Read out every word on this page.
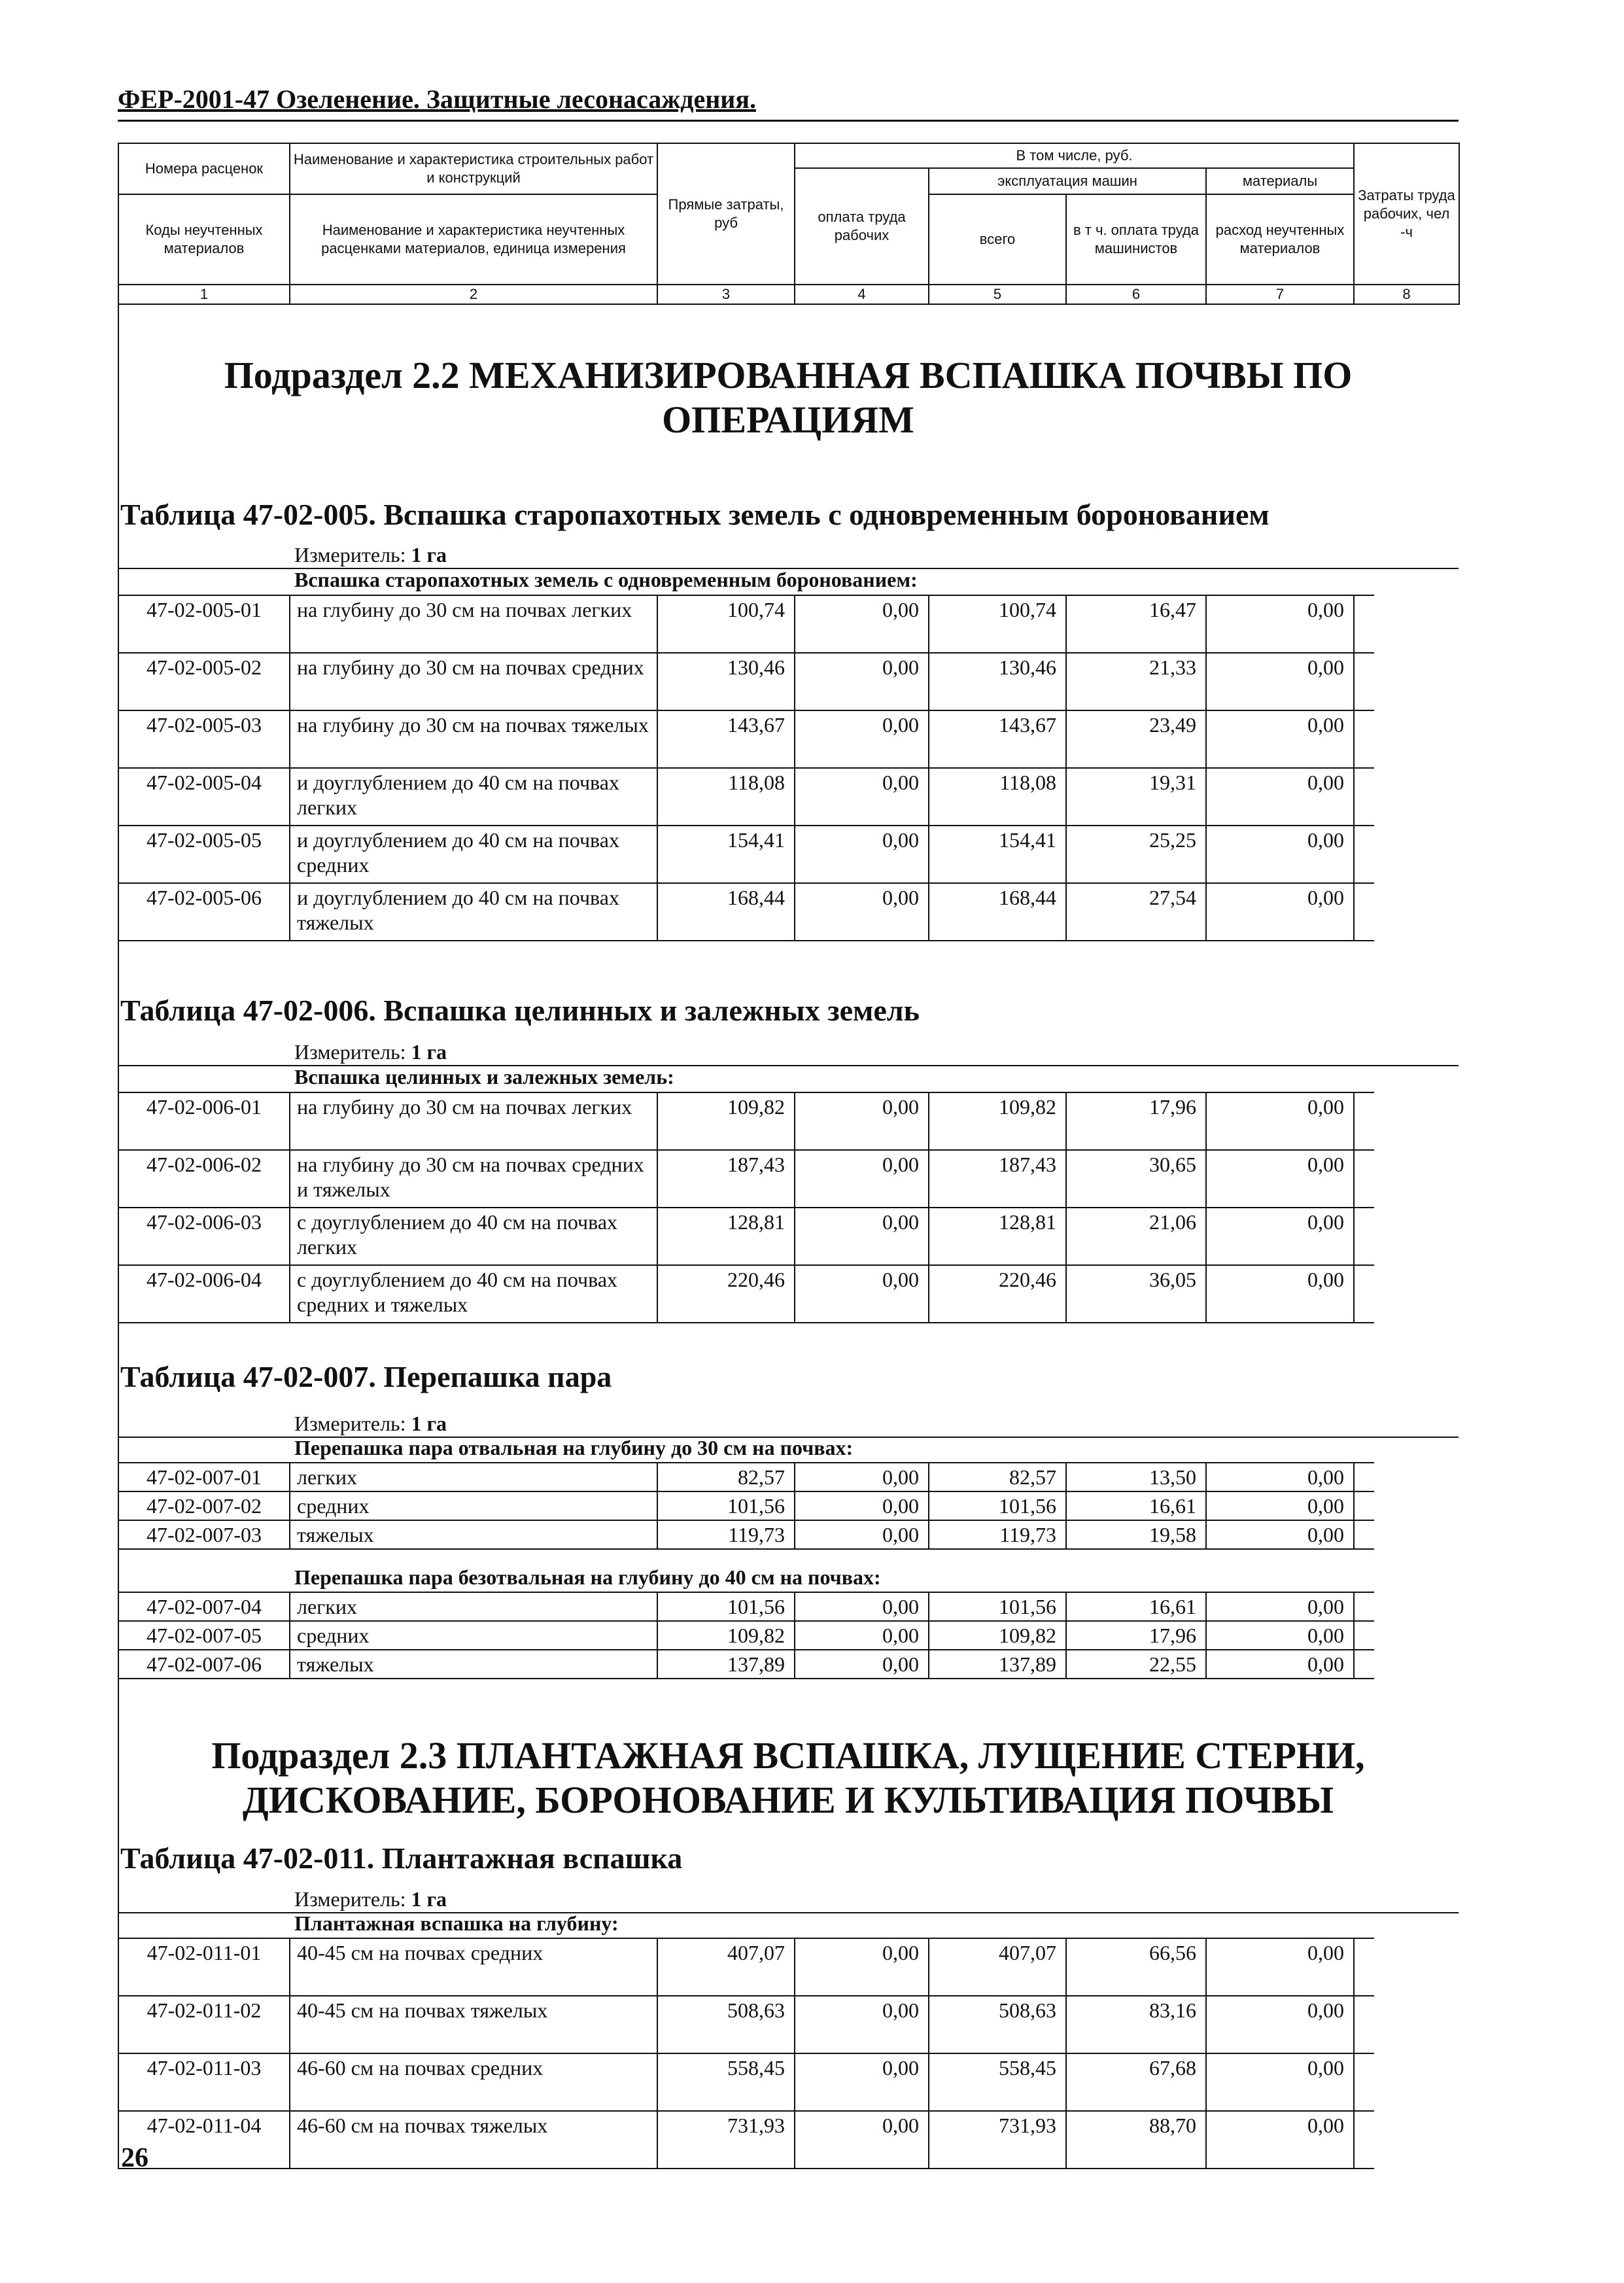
ФЕР-2001-47 Озеленение. Защитные лесонасаждения.
Номера расценок	Наименование и характеристика строительных работ и конструкций	Прямые затраты, руб	В том числе, руб.				Затраты труда рабочих, чел -ч
			оплата труда рабочих	эксплуатация машин		материалы	
Коды неучтенных материалов	Наименование и характеристика неучтенных расценками материалов, единица измерения			всего	в т ч. оплата труда машинистов	расход неучтенных материалов	

1	2	3	4	5	6	7	8
Подраздел 2.2 МЕХАНИЗИРОВАННАЯ ВСПАШКА ПОЧВЫ ПО ОПЕРАЦИЯМ
Таблица 47-02-005. Вспашка старопахотных земель с одновременным боронованием
Измеритель: 1 га
Вспашка старопахотных земель с одновременным боронованием:
47-02-005-01	на глубину до 30 см на почвах легких	100,74	0,00	100,74	16,47	0,00	
47-02-005-02	на глубину до 30 см на почвах средних	130,46	0,00	130,46	21,33	0,00	
47-02-005-03	на глубину до 30 см на почвах тяжелых	143,67	0,00	143,67	23,49	0,00	
47-02-005-04	и доуглублением до 40 см на почвах легких	118,08	0,00	118,08	19,31	0,00	
47-02-005-05	и доуглублением до 40 см на почвах средних	154,41	0,00	154,41	25,25	0,00	
47-02-005-06	и доуглублением до 40 см на почвах тяжелых	168,44	0,00	168,44	27,54	0,00	
Таблица 47-02-006. Вспашка целинных и залежных земель
Измеритель: 1 га
Вспашка целинных и залежных земель:
47-02-006-01	на глубину до 30 см на почвах легких	109,82	0,00	109,82	17,96	0,00	
47-02-006-02	на глубину до 30 см на почвах средних и тяжелых	187,43	0,00	187,43	30,65	0,00	
47-02-006-03	с доуглублением до 40 см на почвах легких	128,81	0,00	128,81	21,06	0,00	
47-02-006-04	с доуглублением до 40 см на почвах средних и тяжелых	220,46	0,00	220,46	36,05	0,00	
Таблица 47-02-007. Перепашка пара
Измеритель: 1 га
Перепашка пара отвальная на глубину до 30 см на почвах:
47-02-007-01	легких	82,57	0,00	82,57	13,50	0,00	
47-02-007-02	средних	101,56	0,00	101,56	16,61	0,00	
47-02-007-03	тяжелых	119,73	0,00	119,73	19,58	0,00	
Перепашка пара безотвальная на глубину до 40 см на почвах:
47-02-007-04	легких	101,56	0,00	101,56	16,61	0,00	
47-02-007-05	средних	109,82	0,00	109,82	17,96	0,00	
47-02-007-06	тяжелых	137,89	0,00	137,89	22,55	0,00	
Таблица 47-02-011. Плантажная вспашка
Измеритель: 1 га
Плантажная вспашка на глубину:
47-02-011-01	40-45 см на почвах средних	407,07	0,00	407,07	66,56	0,00	
47-02-011-02	40-45 см на почвах тяжелых	508,63	0,00	508,63	83,16	0,00	
47-02-011-03	46-60 см на почвах средних	558,45	0,00	558,45	67,68	0,00	
47-02-011-04	46-60 см на почвах тяжелых	731,93	0,00	731,93	88,70	0,00	
Подраздел 2.3 ПЛАНТАЖНАЯ ВСПАШКА, ЛУЩЕНИЕ СТЕРНИ, ДИСКОВАНИЕ, БОРОНОВАНИЕ И КУЛЬТИВАЦИЯ ПОЧВЫ
26
